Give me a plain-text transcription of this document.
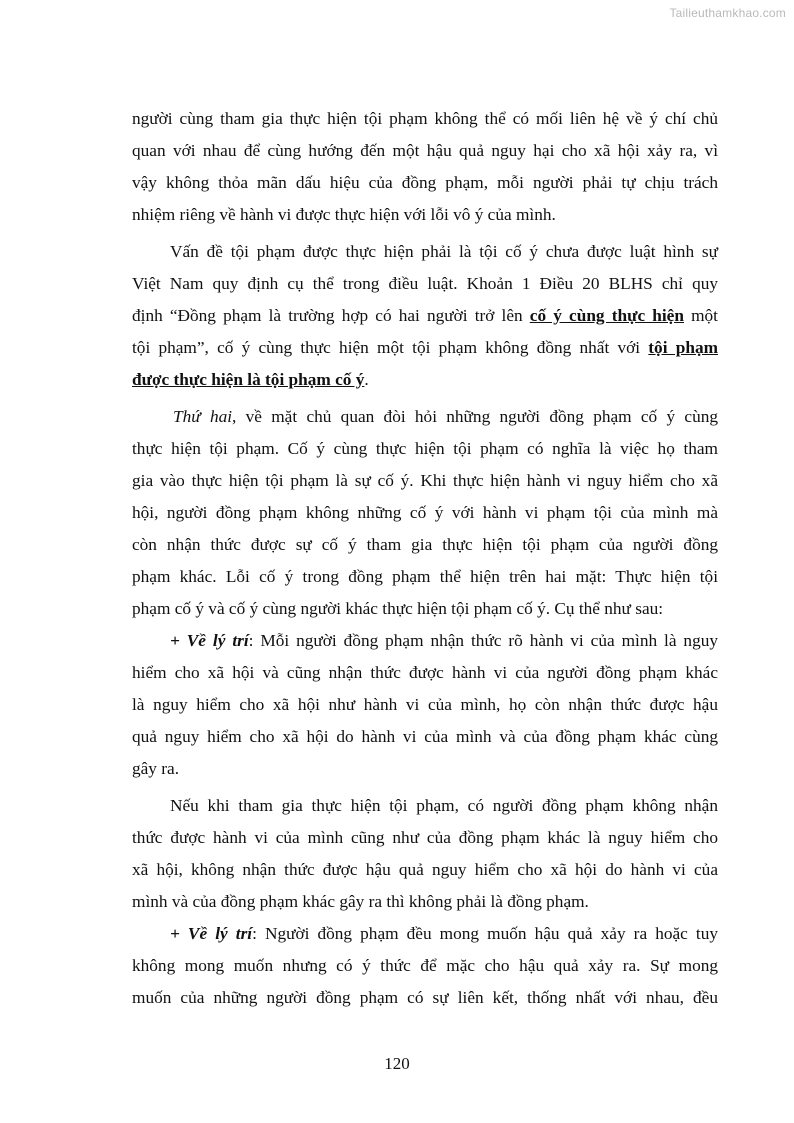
Tailieuthamkhao.com
người cùng tham gia thực hiện tội phạm không thể có mối liên hệ về ý chí chủ
quan với nhau để cùng hướng đến một hậu quả nguy hại cho xã hội xảy ra, vì
vậy không thỏa mãn dấu hiệu của đồng phạm, mỗi người phải tự chịu trách
nhiệm riêng về hành vi được thực hiện với lỗi vô ý của mình.
Vấn đề tội phạm được thực hiện phải là tội cố ý chưa được luật hình sự
Việt Nam quy định cụ thể trong điều luật. Khoản 1 Điều 20 BLHS chỉ quy
định “Đồng phạm là trường hợp có hai người trở lên cố ý cùng thực hiện một
tội phạm”, cố ý cùng thực hiện một tội phạm không đồng nhất với tội phạm
được thực hiện là tội phạm cố ý.
Thứ hai, về mặt chủ quan đòi hỏi những người đồng phạm cố ý cùng
thực hiện tội phạm. Cố ý cùng thực hiện tội phạm có nghĩa là việc họ tham
gia vào thực hiện tội phạm là sự cố ý. Khi thực hiện hành vi nguy hiểm cho xã
hội, người đồng phạm không những cố ý với hành vi phạm tội của mình mà
còn nhận thức được sự cố ý tham gia thực hiện tội phạm của người đồng
phạm khác. Lỗi cố ý trong đồng phạm thể hiện trên hai mặt: Thực hiện tội
phạm cố ý và cố ý cùng người khác thực hiện tội phạm cố ý. Cụ thể như sau:
+ Về lý trí: Mỗi người đồng phạm nhận thức rõ hành vi của mình là nguy
hiểm cho xã hội và cũng nhận thức được hành vi của người đồng phạm khác
là nguy hiểm cho xã hội như hành vi của mình, họ còn nhận thức được hậu
quả nguy hiểm cho xã hội do hành vi của mình và của đồng phạm khác cùng
gây ra.
Nếu khi tham gia thực hiện tội phạm, có người đồng phạm không nhận
thức được hành vi của mình cũng như của đồng phạm khác là nguy hiểm cho
xã hội, không nhận thức được hậu quả nguy hiểm cho xã hội do hành vi của
mình và của đồng phạm khác gây ra thì không phải là đồng phạm.
+ Về lý trí: Người đồng phạm đều mong muốn hậu quả xảy ra hoặc tuy
không mong muốn nhưng có ý thức để mặc cho hậu quả xảy ra. Sự mong
muốn của những người đồng phạm có sự liên kết, thống nhất với nhau, đều
120
